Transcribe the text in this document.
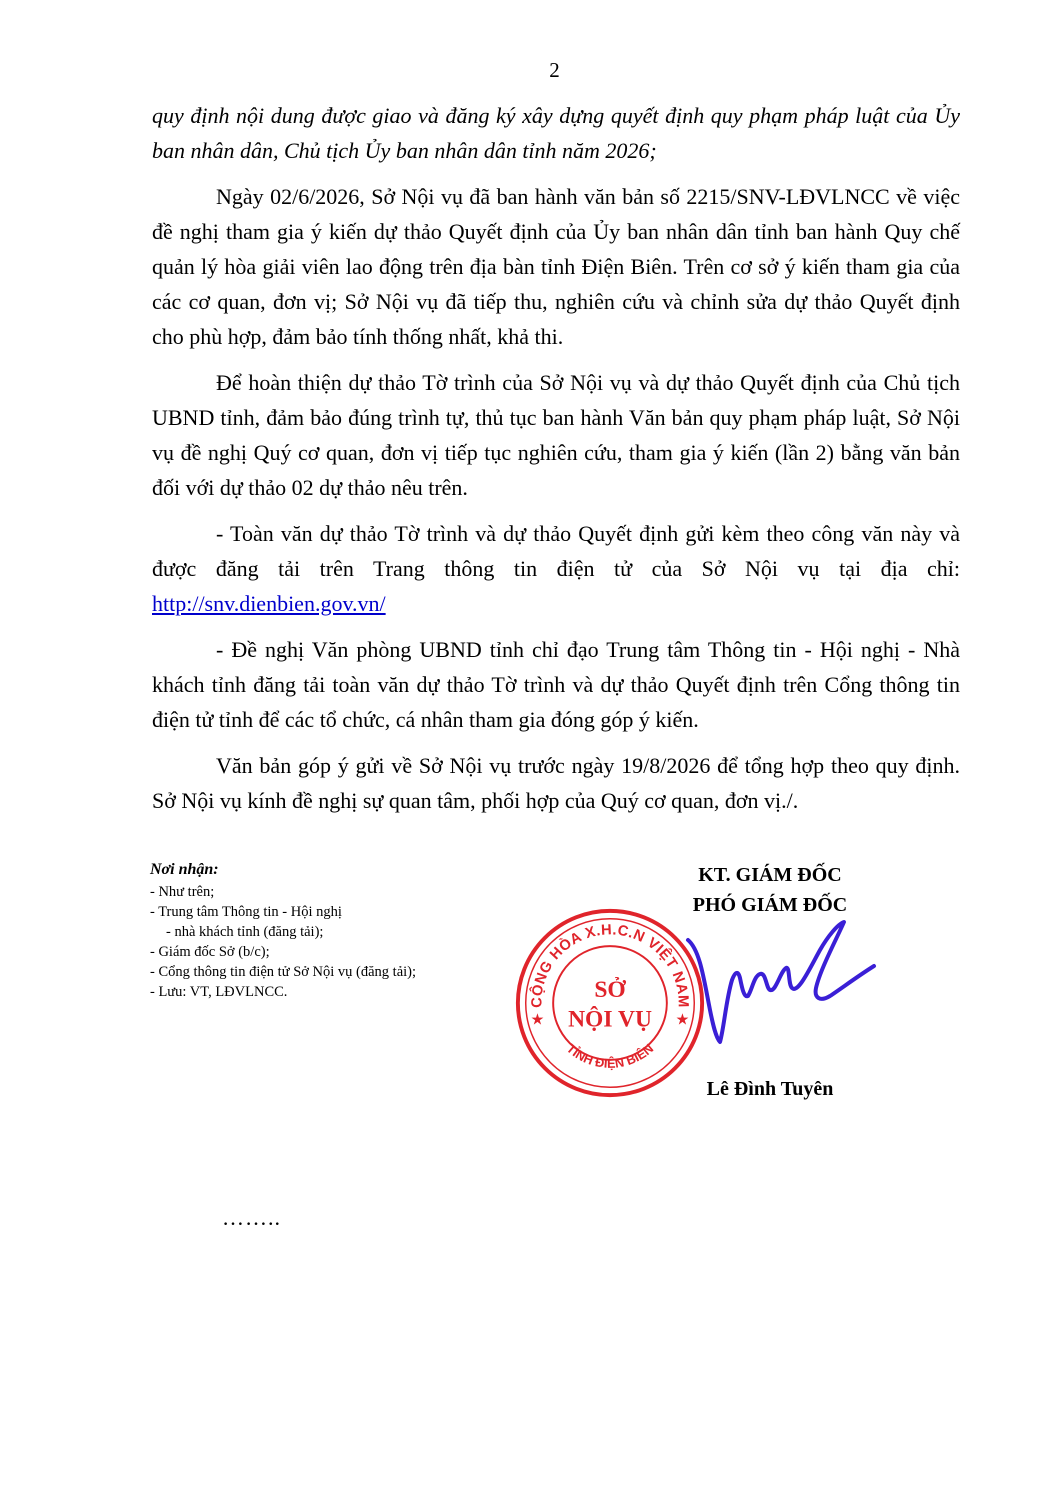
2

quy định nội dung được giao và đăng ký xây dựng quyết định quy phạm pháp luật của Ủy ban nhân dân, Chủ tịch Ủy ban nhân dân tỉnh năm 2026;

Ngày 02/6/2026, Sở Nội vụ đã ban hành văn bản số 2215/SNV-LĐVLNCC về việc đề nghị tham gia ý kiến dự thảo Quyết định của Ủy ban nhân dân tỉnh ban hành Quy chế quản lý hòa giải viên lao động trên địa bàn tỉnh Điện Biên. Trên cơ sở ý kiến tham gia của các cơ quan, đơn vị; Sở Nội vụ đã tiếp thu, nghiên cứu và chỉnh sửa dự thảo Quyết định cho phù hợp, đảm bảo tính thống nhất, khả thi.

Để hoàn thiện dự thảo Tờ trình của Sở Nội vụ và dự thảo Quyết định của Chủ tịch UBND tỉnh, đảm bảo đúng trình tự, thủ tục ban hành Văn bản quy phạm pháp luật, Sở Nội vụ đề nghị Quý cơ quan, đơn vị tiếp tục nghiên cứu, tham gia ý kiến (lần 2) bằng văn bản đối với dự thảo 02 dự thảo nêu trên.

- Toàn văn dự thảo Tờ trình và dự thảo Quyết định gửi kèm theo công văn này và được đăng tải trên Trang thông tin điện tử của Sở Nội vụ tại địa chỉ: http://snv.dienbien.gov.vn/

- Đề nghị Văn phòng UBND tỉnh chỉ đạo Trung tâm Thông tin - Hội nghị - Nhà khách tỉnh đăng tải toàn văn dự thảo Tờ trình và dự thảo Quyết định trên Cổng thông tin điện tử tỉnh để các tổ chức, cá nhân tham gia đóng góp ý kiến.

Văn bản góp ý gửi về Sở Nội vụ trước ngày 19/8/2026 để tổng hợp theo quy định. Sở Nội vụ kính đề nghị sự quan tâm, phối hợp của Quý cơ quan, đơn vị./.

Nơi nhận:
- Như trên;
- Trung tâm Thông tin - Hội nghị
- nhà khách tỉnh (đăng tải);
- Giám đốc Sở (b/c);
- Cổng thông tin điện tử Sở Nội vụ (đăng tải);
- Lưu: VT, LĐVLNCC.
KT. GIÁM ĐỐC
PHÓ GIÁM ĐỐC
CỘNG HÒA X.H.C.N VIỆT NAM
TỈNH ĐIỆN BIÊN
★	★
SỞ
NỘI VỤ
Lê Đình Tuyên
……..
